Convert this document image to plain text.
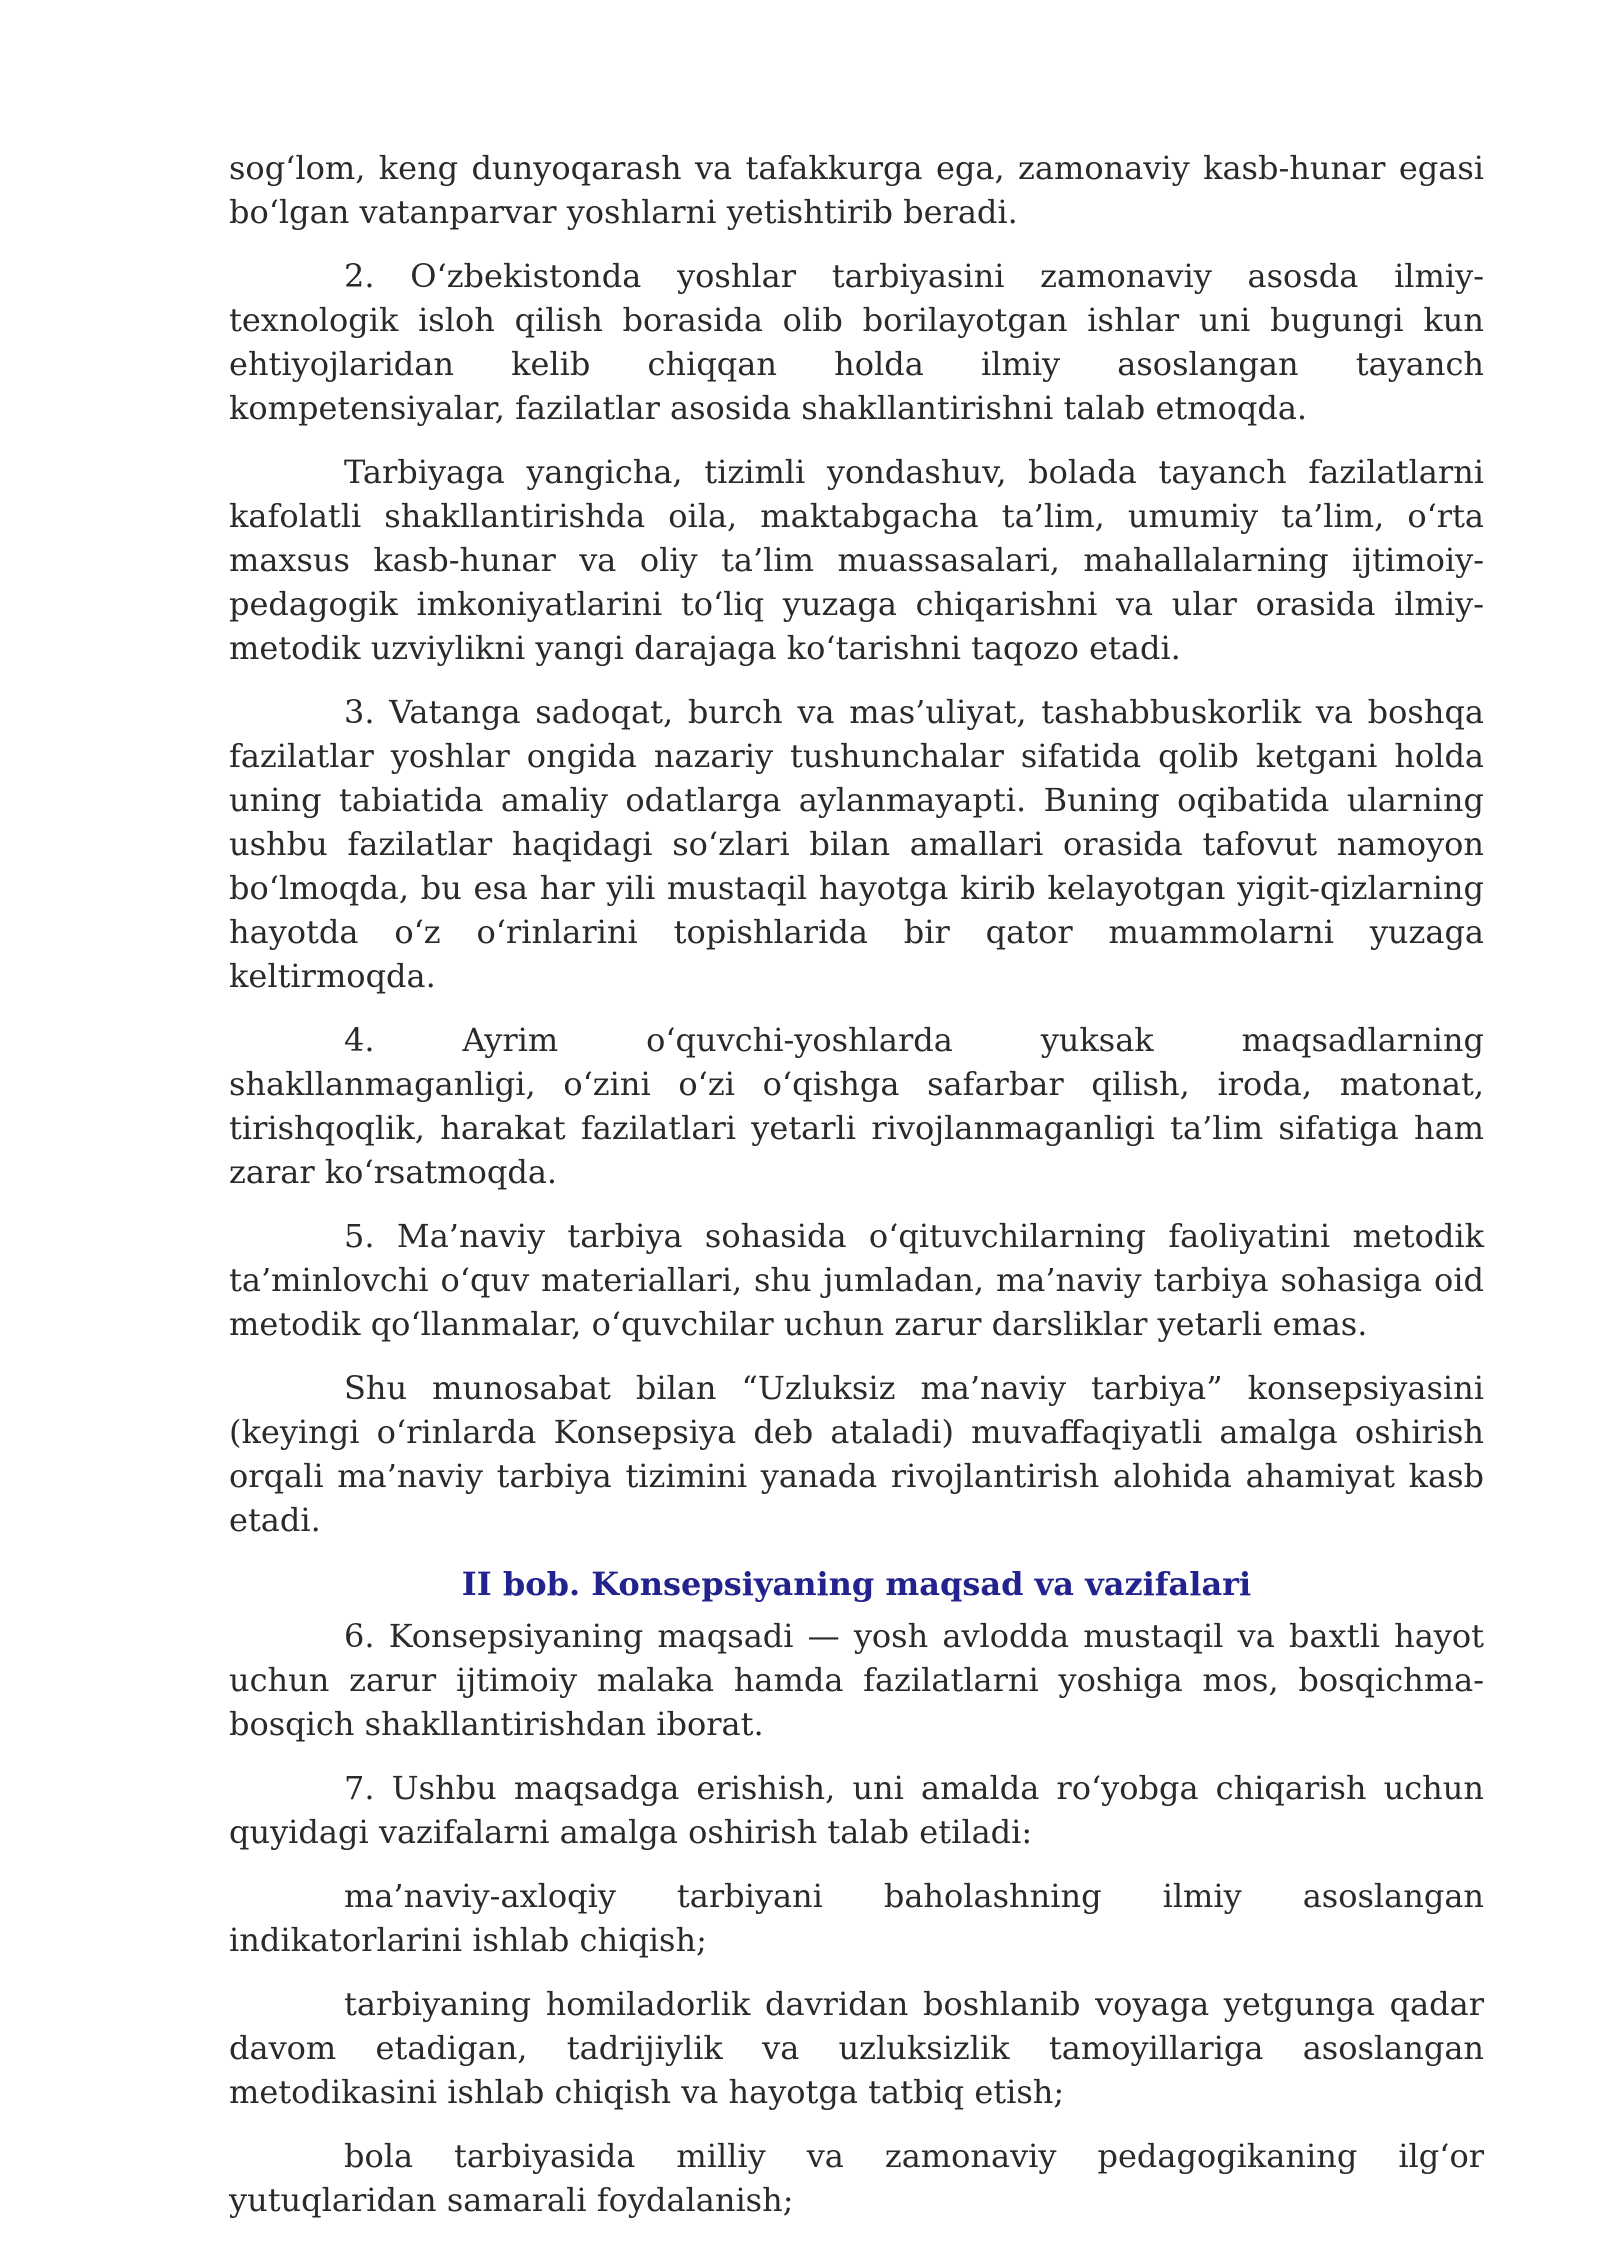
sog‘lom, keng dunyoqarash va tafakkurga ega, zamonaviy kasb-hunar egasi bo‘lgan vatanparvar yoshlarni yetishtirib beradi.

2. O‘zbekistonda yoshlar tarbiyasini zamonaviy asosda ilmiy-texnologik isloh qilish borasida olib borilayotgan ishlar uni bugungi kun ehtiyojlaridan kelib chiqqan holda ilmiy asoslangan tayanch kompetensiyalar, fazilatlar asosida shakllantirishni talab etmoqda.

Tarbiyaga yangicha, tizimli yondashuv, bolada tayanch fazilatlarni kafolatli shakllantirishda oila, maktabgacha ta’lim, umumiy ta’lim, o‘rta maxsus kasb-hunar va oliy ta’lim muassasalari, mahallalarning ijtimoiy-pedagogik imkoniyatlarini to‘liq yuzaga chiqarishni va ular orasida ilmiy-metodik uzviylikni yangi darajaga ko‘tarishni taqozo etadi.

3. Vatanga sadoqat, burch va mas’uliyat, tashabbuskorlik va boshqa fazilatlar yoshlar ongida nazariy tushunchalar sifatida qolib ketgani holda uning tabiatida amaliy odatlarga aylanmayapti. Buning oqibatida ularning ushbu fazilatlar haqidagi so‘zlari bilan amallari orasida tafovut namoyon bo‘lmoqda, bu esa har yili mustaqil hayotga kirib kelayotgan yigit-qizlarning hayotda o‘z o‘rinlarini topishlarida bir qator muammolarni yuzaga keltirmoqda.

4. Ayrim o‘quvchi-yoshlarda yuksak maqsadlarning shakllanmaganligi, o‘zini o‘zi o‘qishga safarbar qilish, iroda, matonat, tirishqoqlik, harakat fazilatlari yetarli rivojlanmaganligi ta’lim sifatiga ham zarar ko‘rsatmoqda.

5. Ma’naviy tarbiya sohasida o‘qituvchilarning faoliyatini metodik ta’minlovchi o‘quv materiallari, shu jumladan, ma’naviy tarbiya sohasiga oid metodik qo‘llanmalar, o‘quvchilar uchun zarur darsliklar yetarli emas.

Shu munosabat bilan “Uzluksiz ma’naviy tarbiya” konsepsiyasini (keyingi o‘rinlarda Konsepsiya deb ataladi) muvaffaqiyatli amalga oshirish orqali ma’naviy tarbiya tizimini yanada rivojlantirish alohida ahamiyat kasb etadi.

II bob. Konsepsiyaning maqsad va vazifalari

6. Konsepsiyaning maqsadi — yosh avlodda mustaqil va baxtli hayot uchun zarur ijtimoiy malaka hamda fazilatlarni yoshiga mos, bosqichma-bosqich shakllantirishdan iborat.

7. Ushbu maqsadga erishish, uni amalda ro‘yobga chiqarish uchun quyidagi vazifalarni amalga oshirish talab etiladi:

ma’naviy-axloqiy tarbiyani baholashning ilmiy asoslangan indikatorlarini ishlab chiqish;

tarbiyaning homiladorlik davridan boshlanib voyaga yetgunga qadar davom etadigan, tadrijiylik va uzluksizlik tamoyillariga asoslangan metodikasini ishlab chiqish va hayotga tatbiq etish;

bola tarbiyasida milliy va zamonaviy pedagogikaning ilg‘or yutuqlaridan samarali foydalanish;
